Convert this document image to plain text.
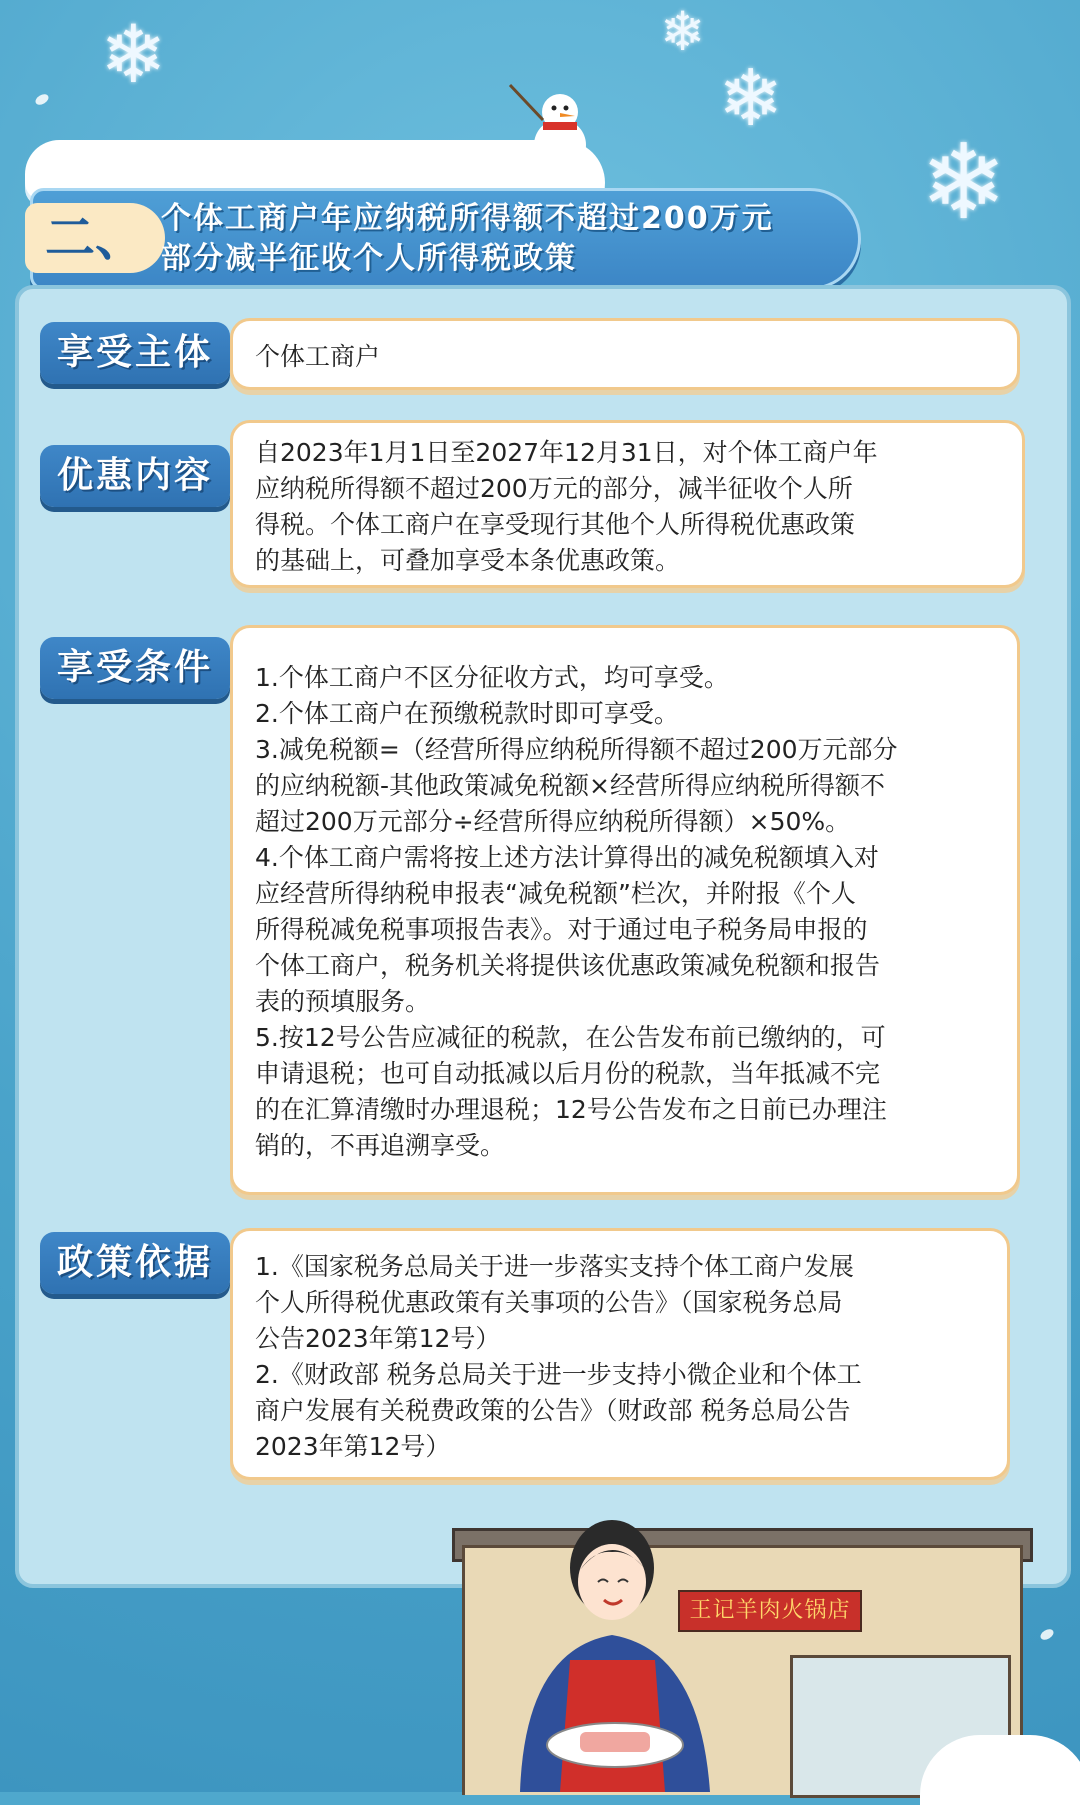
❄	❄
❄
❄
二、 个体工商户年应纳税所得额不超过200万元
部分减半征收个人所得税政策
享受主体	个体工商户

优惠内容

自2023年1月1日至2027年12月31日，对个体工商户年

应纳税所得额不超过200万元的部分，减半征收个人所

得税。个体工商户在享受现行其他个人所得税优惠政策

的基础上，可叠加享受本条优惠政策。

享受条件	1.个体工商户不区分征收方式，均可享受。

2.个体工商户在预缴税款时即可享受。

3.减免税额=（经营所得应纳税所得额不超过200万元部分

的应纳税额-其他政策减免税额×经营所得应纳税所得额不

超过200万元部分÷经营所得应纳税所得额）×50%。

4.个体工商户需将按上述方法计算得出的减免税额填入对

应经营所得纳税申报表“减免税额”栏次，并附报《个人

所得税减免税事项报告表》。对于通过电子税务局申报的

个体工商户，税务机关将提供该优惠政策减免税额和报告

表的预填服务。

5.按12号公告应减征的税款，在公告发布前已缴纳的，可

申请退税；也可自动抵减以后月份的税款，当年抵减不完

的在汇算清缴时办理退税；12号公告发布之日前已办理注

销的，不再追溯享受。

政策依据	1.《国家税务总局关于进一步落实支持个体工商户发展

个人所得税优惠政策有关事项的公告》（国家税务总局

公告2023年第12号）

2.《财政部 税务总局关于进一步支持小微企业和个体工

商户发展有关税费政策的公告》（财政部 税务总局公告

2023年第12号）

王记羊肉火锅店
